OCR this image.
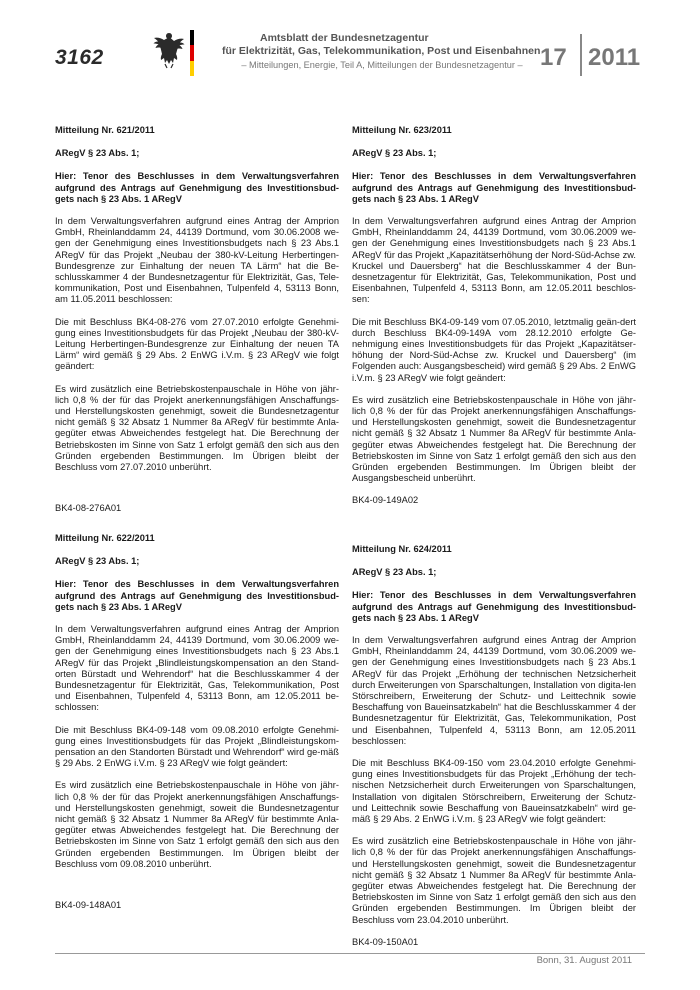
3162
Amtsblatt der Bundesnetzagentur
für Elektrizität, Gas, Telekommunikation, Post und Eisenbahnen
– Mitteilungen, Energie, Teil A, Mitteilungen der Bundesnetzagentur – 17 2011
Mitteilung Nr. 621/2011
ARegV § 23 Abs. 1;
Hier: Tenor des Beschlusses in dem Verwaltungsverfahren aufgrund des Antrags auf Genehmigung des Investitionsbud-gets nach § 23 Abs. 1 ARegV

In dem Verwaltungsverfahren aufgrund eines Antrag der Amprion GmbH, Rheinlanddamm 24, 44139 Dortmund, vom 30.06.2008 we-gen der Genehmigung eines Investitionsbudgets nach § 23 Abs.1 ARegV für das Projekt „Neubau der 380-kV-Leitung Herbertingen-Bundesgrenze zur Einhaltung der neuen TA Lärm“ hat die Be-schlusskammer 4 der Bundesnetzagentur für Elektrizität, Gas, Tele-kommunikation, Post und Eisenbahnen, Tulpenfeld 4, 53113 Bonn, am 11.05.2011 beschlossen:

Die mit Beschluss BK4-08-276 vom 27.07.2010 erfolgte Genehmi-gung eines Investitionsbudgets für das Projekt „Neubau der 380-kV-Leitung Herbertingen-Bundesgrenze zur Einhaltung der neuen TA Lärm“ wird gemäß § 29 Abs. 2 EnWG i.V.m. § 23 ARegV wie folgt geändert:

Es wird zusätzlich eine Betriebskostenpauschale in Höhe von jähr-lich 0,8 % der für das Projekt anerkennungsfähigen Anschaffungs- und Herstellungskosten genehmigt, soweit die Bundesnetzagentur nicht gemäß § 32 Absatz 1 Nummer 8a ARegV für bestimmte Anla-gegüter etwas Abweichendes festgelegt hat. Die Berechnung der Betriebskosten im Sinne von Satz 1 erfolgt gemäß den sich aus den Gründen ergebenden Bestimmungen. Im Übrigen bleibt der Beschluss vom 27.07.2010 unberührt.

BK4-08-276A01
Mitteilung Nr. 623/2011
ARegV § 23 Abs. 1;
Hier: Tenor des Beschlusses in dem Verwaltungsverfahren aufgrund des Antrags auf Genehmigung des Investitionsbud-gets nach § 23 Abs. 1 ARegV

In dem Verwaltungsverfahren aufgrund eines Antrag der Amprion GmbH, Rheinlanddamm 24, 44139 Dortmund, vom 30.06.2009 we-gen der Genehmigung eines Investitionsbudgets nach § 23 Abs.1 ARegV für das Projekt „Kapazitätserhöhung der Nord-Süd-Achse zw. Kruckel und Dauersberg“ hat die Beschlusskammer 4 der Bun-desnetzagentur für Elektrizität, Gas, Telekommunikation, Post und Eisenbahnen, Tulpenfeld 4, 53113 Bonn, am 12.05.2011 beschlos-sen:

Die mit Beschluss BK4-09-149 vom 07.05.2010, letztmalig geän-dert durch Beschluss BK4-09-149A vom 28.12.2010 erfolgte Ge-nehmigung eines Investitionsbudgets für das Projekt „Kapazitätser-höhung der Nord-Süd-Achse zw. Kruckel und Dauersberg“ (im Folgenden auch: Ausgangsbescheid) wird gemäß § 29 Abs. 2 EnWG i.V.m. § 23 ARegV wie folgt geändert:

Es wird zusätzlich eine Betriebskostenpauschale in Höhe von jähr-lich 0,8 % der für das Projekt anerkennungsfähigen Anschaffungs- und Herstellungskosten genehmigt, soweit die Bundesnetzagentur nicht gemäß § 32 Absatz 1 Nummer 8a ARegV für bestimmte Anla-gegüter etwas Abweichendes festgelegt hat. Die Berechnung der Betriebskosten im Sinne von Satz 1 erfolgt gemäß den sich aus den Gründen ergebenden Bestimmungen. Im Übrigen bleibt der Ausgangsbescheid unberührt.

BK4-09-149A02
Mitteilung Nr. 622/2011
ARegV § 23 Abs. 1;
Hier: Tenor des Beschlusses in dem Verwaltungsverfahren aufgrund des Antrags auf Genehmigung des Investitionsbud-gets nach § 23 Abs. 1 ARegV

In dem Verwaltungsverfahren aufgrund eines Antrag der Amprion GmbH, Rheinlanddamm 24, 44139 Dortmund, vom 30.06.2009 we-gen der Genehmigung eines Investitionsbudgets nach § 23 Abs.1 ARegV für das Projekt „Blindleistungskompensation an den Stand-orten Bürstadt und Wehrendorf“ hat die Beschlusskammer 4 der Bundesnetzagentur für Elektrizität, Gas, Telekommunikation, Post und Eisenbahnen, Tulpenfeld 4, 53113 Bonn, am 12.05.2011 be-schlossen:

Die mit Beschluss BK4-09-148 vom 09.08.2010 erfolgte Genehmi-gung eines Investitionsbudgets für das Projekt „Blindleistungskom-pensation an den Standorten Bürstadt und Wehrendorf“ wird ge-mäß § 29 Abs. 2 EnWG i.V.m. § 23 ARegV wie folgt geändert:

Es wird zusätzlich eine Betriebskostenpauschale in Höhe von jähr-lich 0,8 % der für das Projekt anerkennungsfähigen Anschaffungs- und Herstellungskosten genehmigt, soweit die Bundesnetzagentur nicht gemäß § 32 Absatz 1 Nummer 8a ARegV für bestimmte Anla-gegüter etwas Abweichendes festgelegt hat. Die Berechnung der Betriebskosten im Sinne von Satz 1 erfolgt gemäß den sich aus den Gründen ergebenden Bestimmungen. Im Übrigen bleibt der Beschluss vom 09.08.2010 unberührt.

BK4-09-148A01
Mitteilung Nr. 624/2011
ARegV § 23 Abs. 1;
Hier: Tenor des Beschlusses in dem Verwaltungsverfahren aufgrund des Antrags auf Genehmigung des Investitionsbud-gets nach § 23 Abs. 1 ARegV

In dem Verwaltungsverfahren aufgrund eines Antrag der Amprion GmbH, Rheinlanddamm 24, 44139 Dortmund, vom 30.06.2009 we-gen der Genehmigung eines Investitionsbudgets nach § 23 Abs.1 ARegV für das Projekt „Erhöhung der technischen Netzsicherheit durch Erweiterungen von Sparschaltungen, Installation von digita-len Störschreibern, Erweiterung der Schutz- und Leittechnik sowie Beschaffung von Baueinsatzkabeln“ hat die Beschlusskammer 4 der Bundesnetzagentur für Elektrizität, Gas, Telekommunikation, Post und Eisenbahnen, Tulpenfeld 4, 53113 Bonn, am 12.05.2011 beschlossen:

Die mit Beschluss BK4-09-150 vom 23.04.2010 erfolgte Genehmi-gung eines Investitionsbudgets für das Projekt „Erhöhung der tech-nischen Netzsicherheit durch Erweiterungen von Sparschaltungen, Installation von digitalen Störschreibern, Erweiterung der Schutz- und Leittechnik sowie Beschaffung von Baueinsatzkabeln“ wird ge-mäß § 29 Abs. 2 EnWG i.V.m. § 23 ARegV wie folgt geändert:

Es wird zusätzlich eine Betriebskostenpauschale in Höhe von jähr-lich 0,8 % der für das Projekt anerkennungsfähigen Anschaffungs- und Herstellungskosten genehmigt, soweit die Bundesnetzagentur nicht gemäß § 32 Absatz 1 Nummer 8a ARegV für bestimmte Anla-gegüter etwas Abweichendes festgelegt hat. Die Berechnung der Betriebskosten im Sinne von Satz 1 erfolgt gemäß den sich aus den Gründen ergebenden Bestimmungen. Im Übrigen bleibt der Beschluss vom 23.04.2010 unberührt.

BK4-09-150A01
Bonn, 31. August 2011
